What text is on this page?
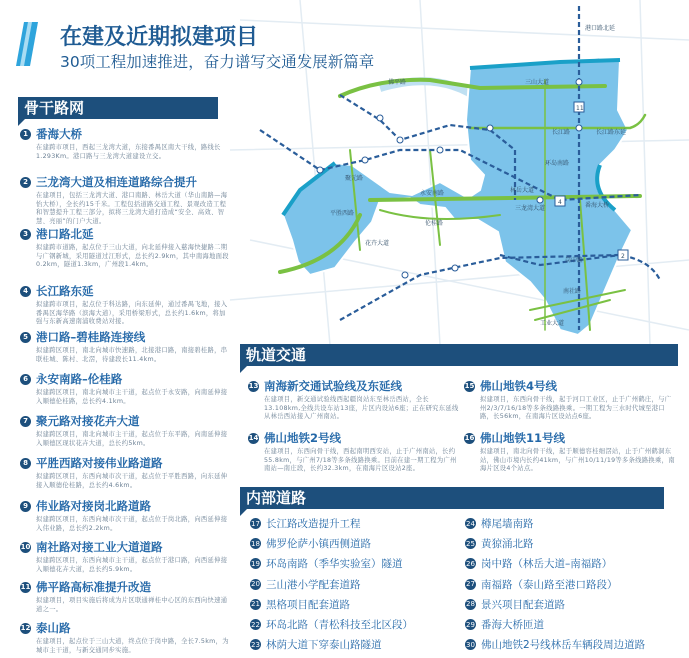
11
4
2
港口路北延
佛平路	三山大道
长江路	长江路东延
环岛南路
番海大桥
林岳大道
三龙湾大道
平胜西路
伦桂路
永安南路
聚元路
花卉大道
岗中路
南社路
工业大道
在建及近期拟建项目
30项工程加速推进，奋力谱写交通发展新篇章
骨干路网
1 番海大桥
在建跨市项目，西起三龙湾大道，东接番禺区南大干线，路线长1.293Km。港口路与三龙湾大道建设立交。
2 三龙湾大道及相连道路综合提升
在建项目，包括三龙湾大道、港口南路、林岳大道（华山南路—海怡大桥），全长约15千米。工程包括道路交通工程、景观改造工程和智慧提升工程三部分，拟将三龙湾大道打造成“安全、高效、智慧、亮丽”的门户大道。
3 港口路北延
拟建跨市道路，起点位于三山大道，向北延伸接入慈海快捷路二期与广钢新城，采用隧道过江形式，总长约2.9km，其中南海地面段0.2km，隧道1.3km，广州段1.4km。
4 长江路东延
拟建跨市项目，起点位于科达路，向东延伸，通过番禺飞地，接入番禺区海华路（滨海大道），采用桥梁形式，总长约1.6km，将加强与东新高速南浦收费站对接。
5 港口路–碧桂路连接线
拟建跨区项目，南北向城市快速路，北接港口路，南接碧桂路，串联桂城、陈村、北滘，待建段长11.4km。
6 永安南路–伦桂路
拟建跨区项目，南北向城市主干道，起点位于永安路，向南延伸接入顺德伦桂路，总长约4.1km。
7 聚元路对接花卉大道
拟建跨区项目，南北向城市主干道，起点位于东平路，向南延伸接入顺德区现状花卉大道，总长约5km。
8 平胜西路对接伟业路道路
拟建跨区项目，东西向城市次干道，起点位于平胜西路，向东延伸接入顺德伦桂路，总长约4.6km。
9 伟业路对接岗北路道路
拟建跨区项目，东西向城市次干道，起点位于岗北路，向西延伸接入伟业路，总长约2.2km。
10 南社路对接工业大道道路
拟建跨区项目，东西向城市主干道，起点位于港口路，向西延伸接入顺德花卉大道，总长约5.9km。
11 佛平路高标准提升改造
拟建项目，项目实施后将成为片区联通禅桂中心区的东西向快速通道之一。
12 泰山路
在建项目，起点位于三山大道，终点位于岗中路，全长7.5km，为城市主干道，与新交通同步实施。
轨道交通
13 南海新交通试验线及东延线
在建项目，新交通试验线西起疆岗站东至林岳西站，全长13.108km,全线共设车站13座，片区内设站6座；正在研究东延线从林岳西站接入广州南站。
14 佛山地铁2号线
在建项目，东西向骨干线，西起南明西安站，止于广州南站，长约55.8km，与广州7/18等多条线路换乘。目前在建一期工程为广州南站—南庄段，长约32.3km，在南海片区设站2座。
15 佛山地铁4号线
拟建项目，东西向骨干线，起于河口工业区，止于广州鹤庄，与广州2/3/7/16/18等多条线路换乘。一期工程为三水时代城至港口路，长56km，在南海片区设站点6座。
16 佛山地铁11号线
拟建项目，南北向骨干线，起于顺德容桂细滘站，止于广州鹤洞东站，佛山市境内长约41km，与广州10/11/19等多条线路换乘，南海片区设4个站点。
内部道路
17 长江路改造提升工程
18 佛罗伦萨小镇西侧道路
19 环岛南路（季华实验室）隧道
20 三山港小学配套道路
21 黑格项目配套道路
22 环岛北路（青松科技至北区段）
23 林荫大道下穿泰山路隧道
24 樽尾墙南路
25 黄猄涌北路
26 岗中路（林岳大道–南福路）
27 南福路（泰山路至港口路段）
28 景兴项目配套道路
29 番海大桥匝道
30 佛山地铁2号线林岳车辆段周边道路
